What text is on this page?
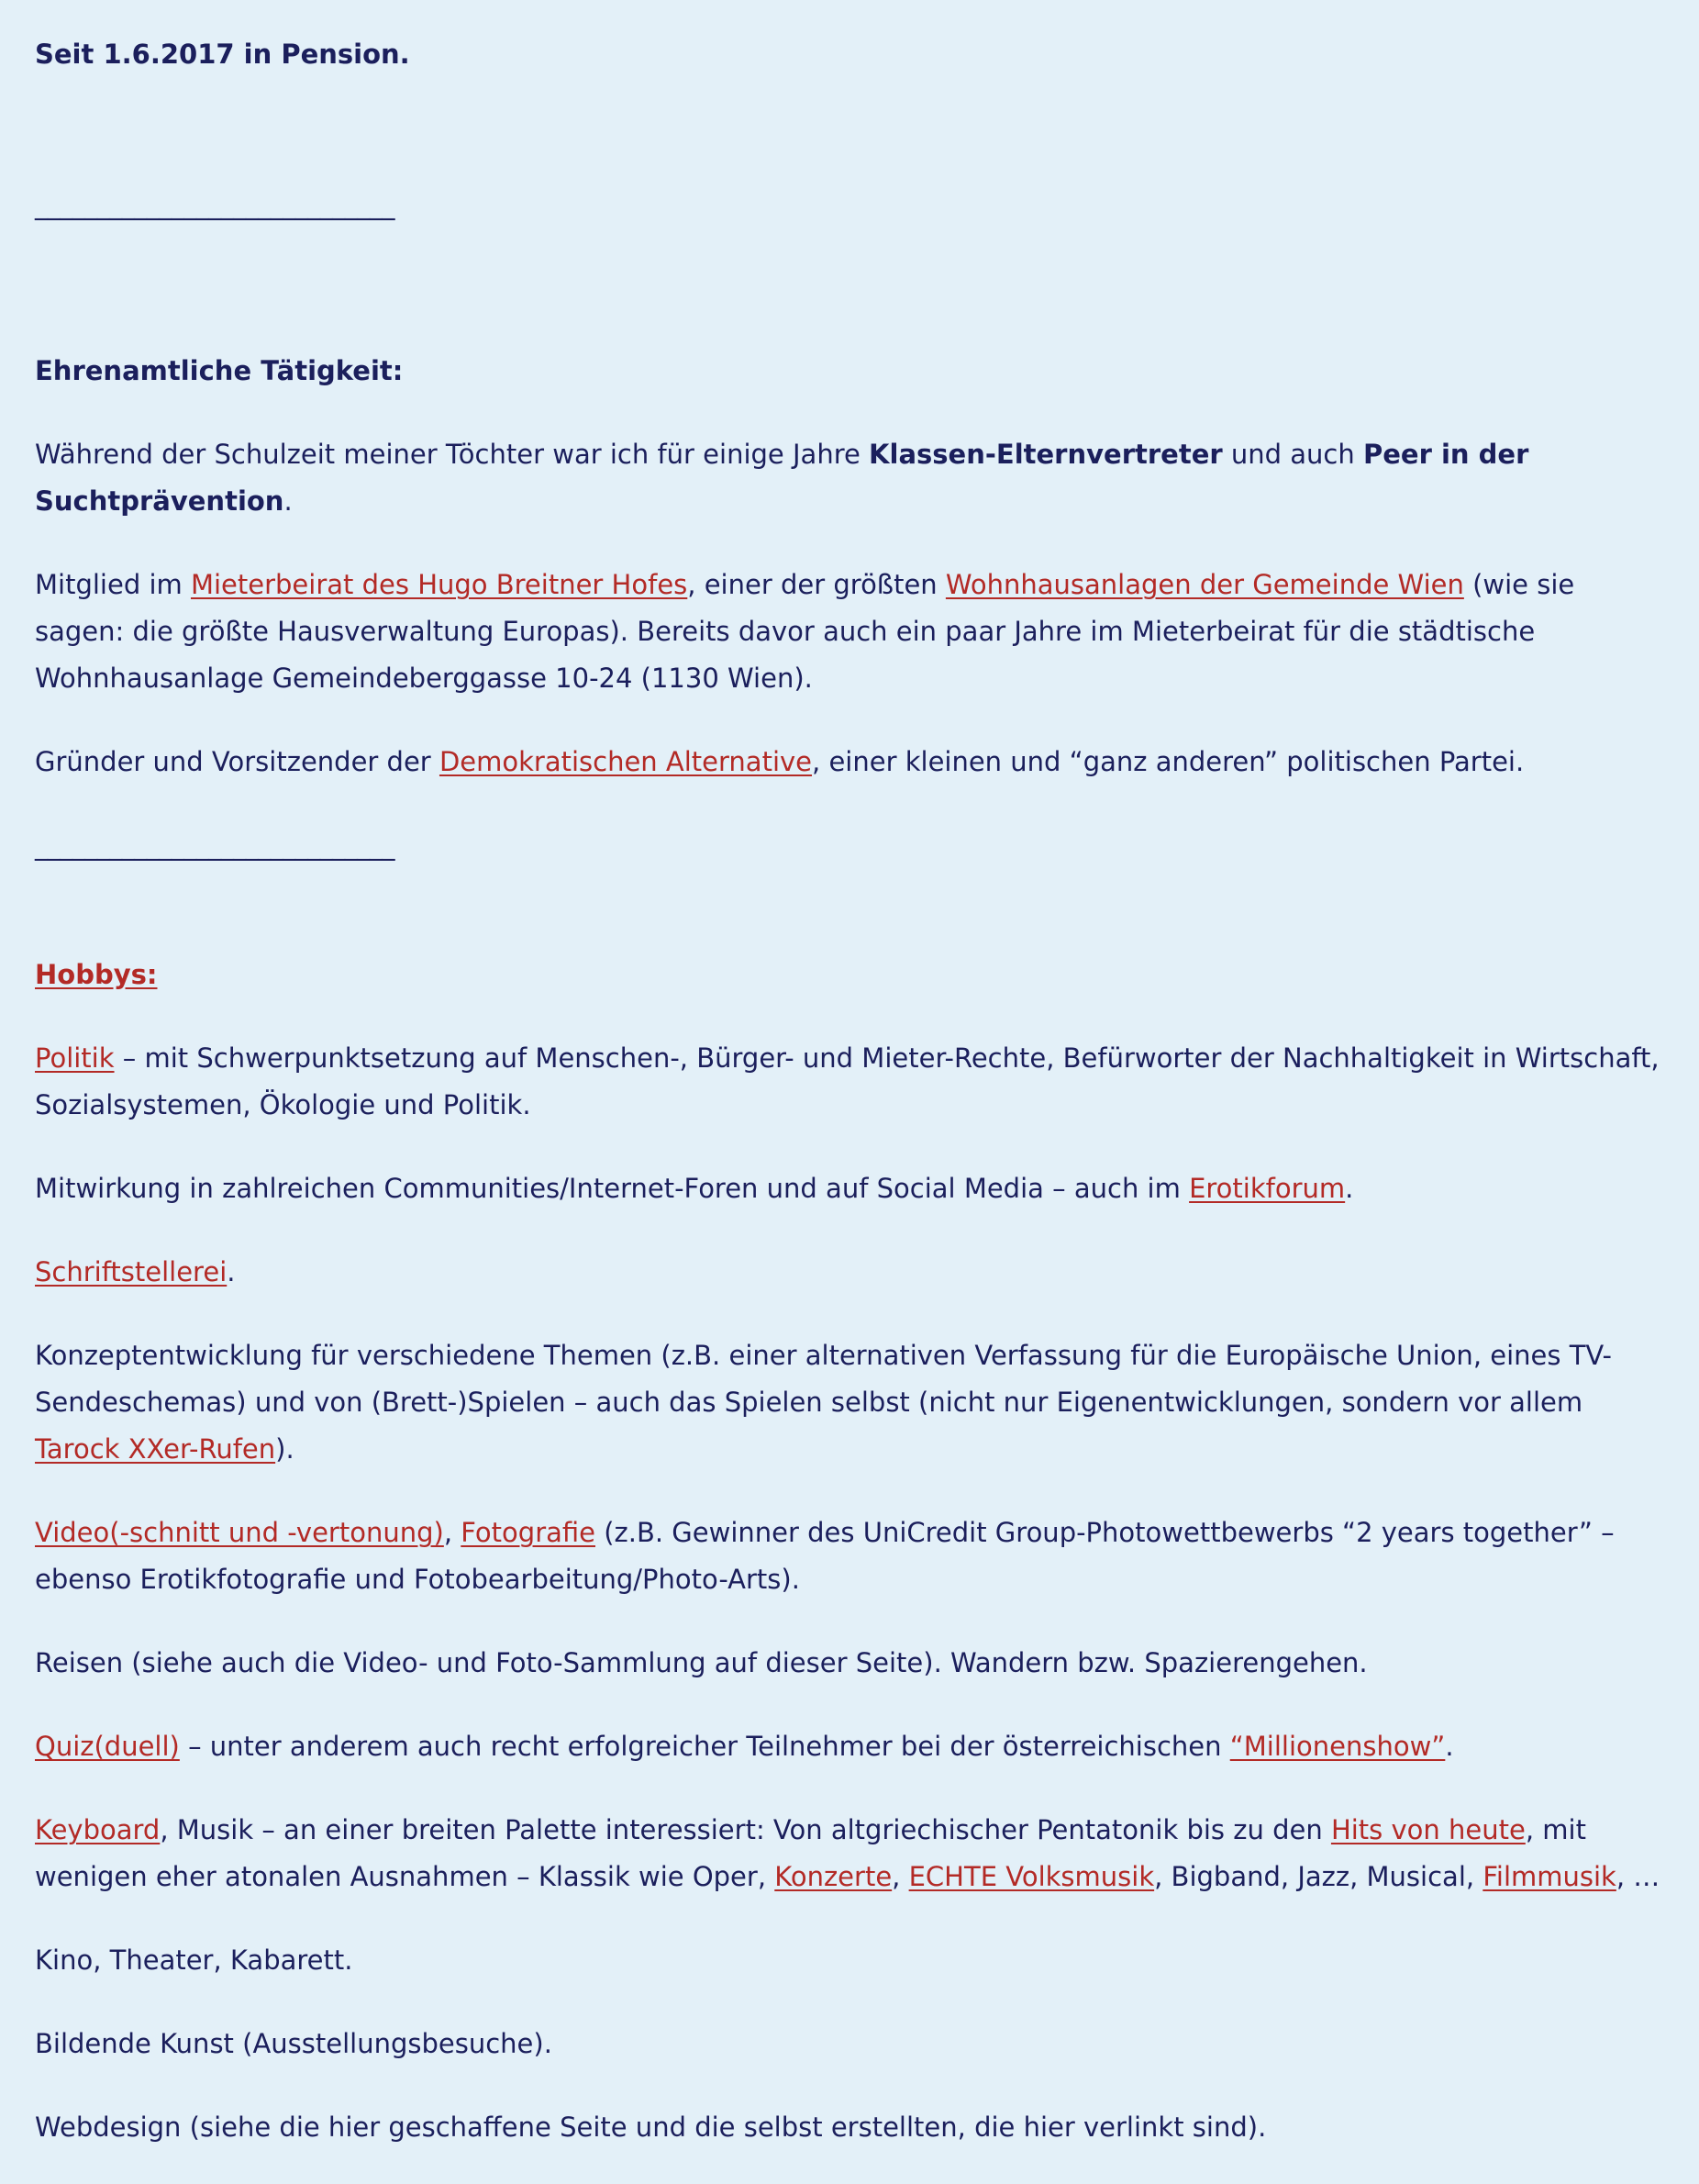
Seit 1.6.2017 in Pension.

_____________________________

Ehrenamtliche Tätigkeit:

Während der Schulzeit meiner Töchter war ich für einige Jahre Klassen-Elternvertreter und auch Peer in der Suchtprävention.

Mitglied im Mieterbeirat des Hugo Breitner Hofes, einer der größten Wohnhausanlagen der Gemeinde Wien (wie sie sagen: die größte Hausverwaltung Europas). Bereits davor auch ein paar Jahre im Mieterbeirat für die städtische Wohnhausanlage Gemeindeberggasse 10-24 (1130 Wien).

Gründer und Vorsitzender der Demokratischen Alternative, einer kleinen und “ganz anderen” politischen Partei.

_____________________________

Hobbys:

Politik – mit Schwerpunktsetzung auf Menschen-, Bürger- und Mieter-Rechte, Befürworter der Nachhaltigkeit in Wirtschaft, Sozialsystemen, Ökologie und Politik.

Mitwirkung in zahlreichen Communities/Internet-Foren und auf Social Media – auch im Erotikforum.

Schriftstellerei.

Konzeptentwicklung für verschiedene Themen (z.B. einer alternativen Verfassung für die Europäische Union, eines TV-Sendeschemas) und von (Brett-)Spielen – auch das Spielen selbst (nicht nur Eigenentwicklungen, sondern vor allem Tarock XXer-Rufen).

Video(-schnitt und -vertonung), Fotografie (z.B. Gewinner des UniCredit Group-Photowettbewerbs “2 years together” – ebenso Erotikfotografie und Fotobearbeitung/Photo-Arts).

Reisen (siehe auch die Video- und Foto-Sammlung auf dieser Seite). Wandern bzw. Spazierengehen.

Quiz(duell) – unter anderem auch recht erfolgreicher Teilnehmer bei der österreichischen “Millionenshow”.

Keyboard, Musik – an einer breiten Palette interessiert: Von altgriechischer Pentatonik bis zu den Hits von heute, mit wenigen eher atonalen Ausnahmen – Klassik wie Oper, Konzerte, ECHTE Volksmusik, Bigband, Jazz, Musical, Filmmusik, …

Kino, Theater, Kabarett.

Bildende Kunst (Ausstellungsbesuche).

Webdesign (siehe die hier geschaffene Seite und die selbst erstellten, die hier verlinkt sind).
